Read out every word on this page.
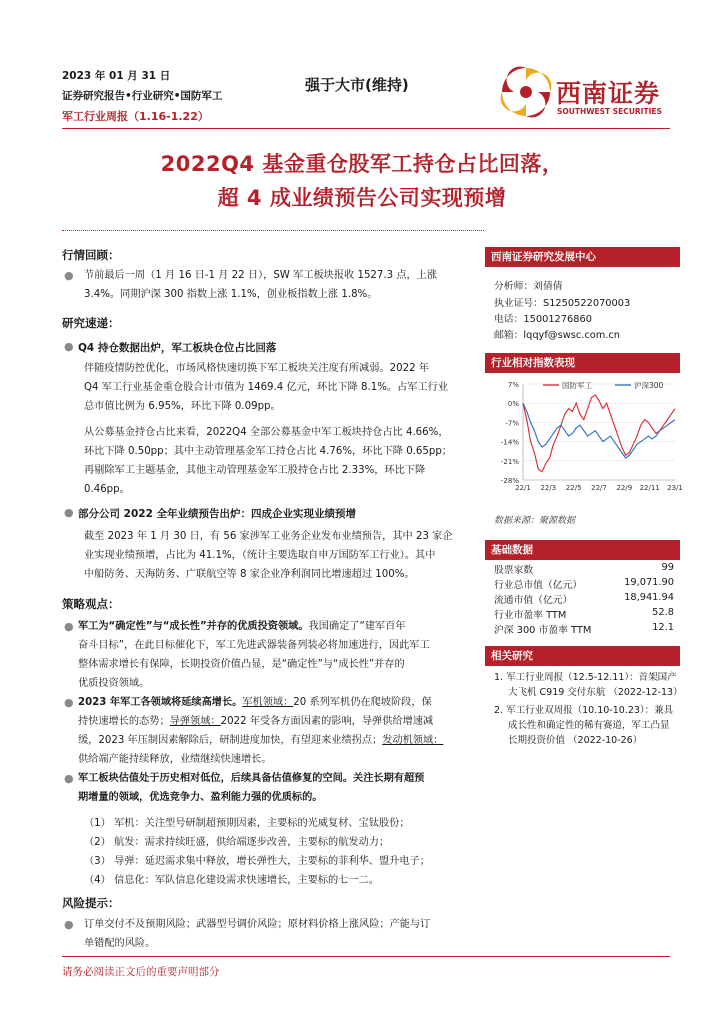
2023 年 01 月 31 日
证券研究报告•行业研究•国防军工
军工行业周报（1.16-1.22）
强于大市(维持)	西南证券
SOUTHWEST SECURITIES
2022Q4 基金重仓股军工持仓占比回落，
超 4 成业绩预告公司实现预增
行情回顾：
● 节前最后一周（1 月 16 日-1 月 22 日），SW 军工板块报收 1527.3 点，上涨
3.4%。同期沪深 300 指数上涨 1.1%，创业板指数上涨 1.8%。
研究速递：
● Q4 持仓数据出炉，军工板块仓位占比回落
伴随疫情防控优化，市场风格快速切换下军工板块关注度有所减弱。2022 年
Q4 军工行业基金重仓股合计市值为 1469.4 亿元，环比下降 8.1%。占军工行业
总市值比例为 6.95%，环比下降 0.09pp。
从公募基金持仓占比来看，2022Q4 全部公募基金中军工板块持仓占比 4.66%，
环比下降 0.50pp；其中主动管理基金军工持仓占比 4.76%，环比下降 0.65pp；
再剔除军工主题基金，其他主动管理基金军工股持仓占比 2.33%，环比下降
0.46pp。
● 部分公司 2022 全年业绩预告出炉：四成企业实现业绩预增
截至 2023 年 1 月 30 日，有 56 家涉军工业务企业发布业绩预告，其中 23 家企
业实现业绩预增，占比为 41.1%，（统计主要选取自申万国防军工行业）。其中
中船防务、天海防务、广联航空等 8 家企业净利润同比增速超过 100%。
策略观点：
● 军工为“确定性”与“成长性”并存的优质投资领域。我国确定了“建军百年
奋斗目标”，在此目标催化下，军工先进武器装备列装必将加速进行，因此军工
整体需求增长有保障，长期投资价值凸显，是“确定性”与“成长性”并存的
优质投资领域。
● 2023 年军工各领域将延续高增长。军机领域：20 系列军机仍在爬坡阶段，保
持快速增长的态势；导弹领域：2022 年受各方面因素的影响，导弹供给增速减
缓，2023 年压制因素解除后，研制进度加快，有望迎来业绩拐点；发动机领域：
供给端产能持续释放，业绩继续快速增长。
● 军工板块估值处于历史相对低位，后续具备估值修复的空间。关注长期有超预
期增量的领域，优选竞争力、盈利能力强的优质标的。
（1） 军机：关注型号研制超预期因素，主要标的光威复材、宝钛股份；
（2） 航发：需求持续旺盛，供给端逐步改善，主要标的航发动力；
（3） 导弹：延迟需求集中释放，增长弹性大，主要标的菲利华、盟升电子；
（4） 信息化：军队信息化建设需求快速增长，主要标的七一二。
风险提示：
● 订单交付不及预期风险；武器型号调价风险；原材料价格上涨风险；产能与订
单错配的风险。
西南证券研究发展中心
分析师：刘倩倩
执业证号：S1250522070003
电话：15001276860
邮箱：lqqyf@swsc.com.cn
行业相对指数表现
7%
0%
-7%
-14%
-21%
-28%
22/1 22/3 22/5 22/7 22/9 22/11 23/1
国防军工	沪深300
数据来源：聚源数据
基础数据
股票家数	99
行业总市值（亿元）	19,071.90
流通市值（亿元）	18,941.94
行业市盈率 TTM	52.8
沪深 300 市盈率 TTM	12.1
相关研究
1. 军工行业周报（12.5-12.11）：首架国产
大飞机 C919 交付东航 （2022-12-13）
2. 军工行业双周报（10.10-10.23）：兼具
成长性和确定性的稀有赛道，军工凸显
长期投资价值 （2022-10-26）
请务必阅读正文后的重要声明部分
